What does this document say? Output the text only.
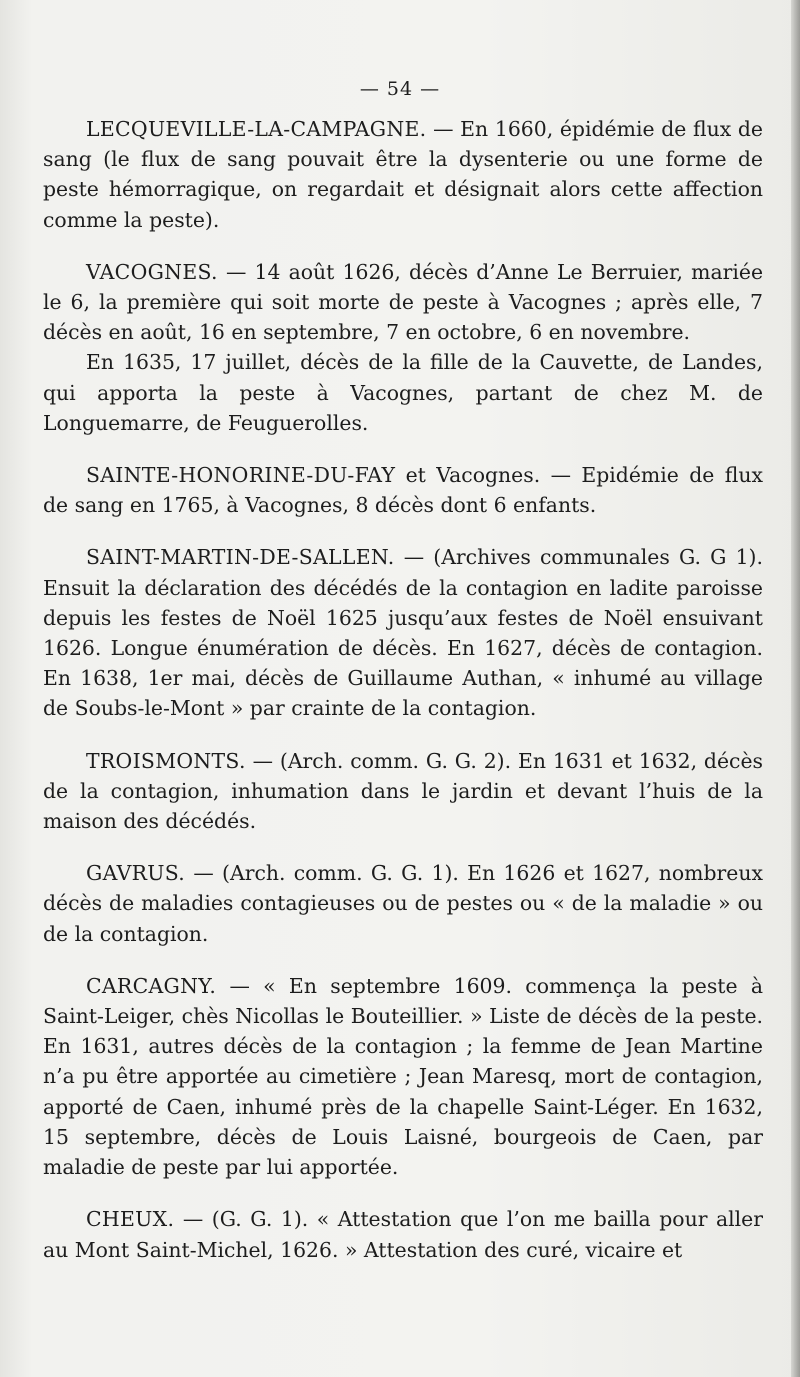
— 54 —

LECQUEVILLE-LA-CAMPAGNE. — En 1660, épidémie de flux de sang (le flux de sang pouvait être la dysenterie ou une forme de peste hémorragique, on regardait et désignait alors cette affection comme la peste).

VACOGNES. — 14 août 1626, décès d’Anne Le Berruier, mariée le 6, la première qui soit morte de peste à Vacognes ; après elle, 7 décès en août, 16 en septembre, 7 en octobre, 6 en novembre.

En 1635, 17 juillet, décès de la fille de la Cauvette, de Landes, qui apporta la peste à Vacognes, partant de chez M. de Longuemarre, de Feuguerolles.

SAINTE-HONORINE-DU-FAY et Vacognes. — Epidémie de flux de sang en 1765, à Vacognes, 8 décès dont 6 enfants.

SAINT-MARTIN-DE-SALLEN. — (Archives communales G. G 1). Ensuit la déclaration des décédés de la contagion en ladite paroisse depuis les festes de Noël 1625 jusqu’aux festes de Noël ensuivant 1626. Longue énumération de décès. En 1627, décès de contagion. En 1638, 1er mai, décès de Guillaume Authan, « inhumé au village de Soubs-le-Mont » par crainte de la contagion.

TROISMONTS. — (Arch. comm. G. G. 2). En 1631 et 1632, décès de la contagion, inhumation dans le jardin et devant l’huis de la maison des décédés.

GAVRUS. — (Arch. comm. G. G. 1). En 1626 et 1627, nombreux décès de maladies contagieuses ou de pestes ou « de la maladie » ou de la contagion.

CARCAGNY. — « En septembre 1609. commença la peste à Saint-Leiger, chès Nicollas le Bouteillier. » Liste de décès de la peste. En 1631, autres décès de la contagion ; la femme de Jean Martine n’a pu être apportée au cimetière ; Jean Maresq, mort de contagion, apporté de Caen, inhumé près de la chapelle Saint-Léger. En 1632, 15 septembre, décès de Louis Laisné, bourgeois de Caen, par maladie de peste par lui apportée.

CHEUX. — (G. G. 1). « Attestation que l’on me bailla pour aller au Mont Saint-Michel, 1626. » Attestation des curé, vicaire et
